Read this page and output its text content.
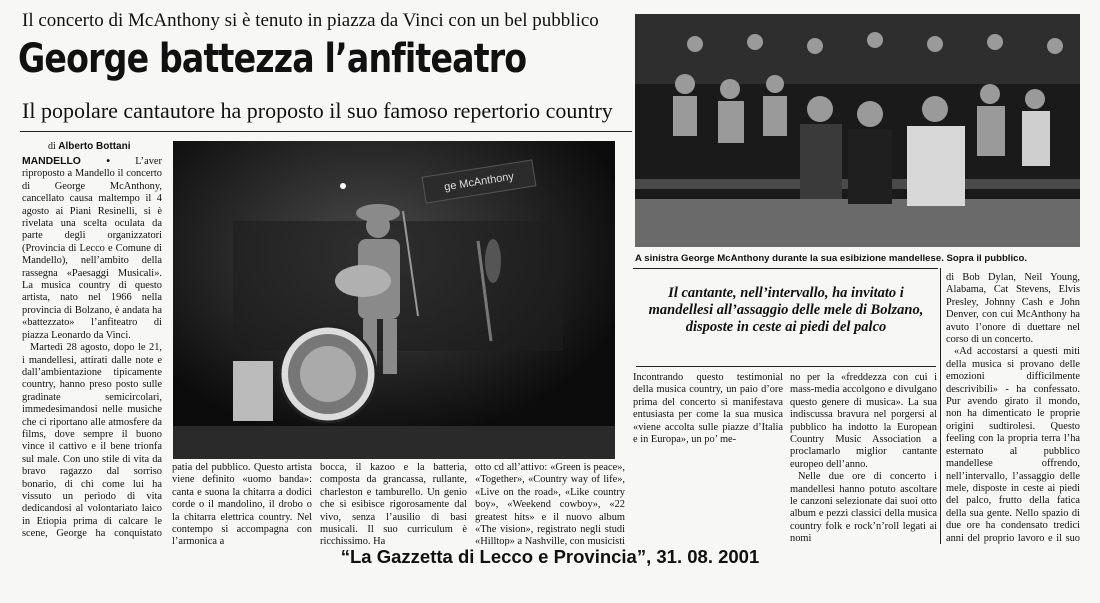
Il concerto di McAnthony si è tenuto in piazza da Vinci con un bel pubblico
George battezza l’anfiteatro
Il popolare cantautore ha proposto il suo famoso repertorio country
di Alberto Bottani

MANDELLO • L’aver riproposto a Mandello il concerto di George McAnthony, cancellato causa maltempo il 4 agosto ai Piani Resinelli, si è rivelata una scelta oculata da parte degli organizzatori (Provincia di Lecco e Comune di Mandello), nell’ambito della rassegna «Paesaggi Musicali». La musica country di questo artista, nato nel 1966 nella provincia di Bolzano, è andata ha «battezzato» l’anfiteatro di piazza Leonardo da Vinci.

Martedì 28 agosto, dopo le 21, i mandellesi, attirati dalle note e dall’ambientazione tipicamente country, hanno preso posto sulle gradinate semicircolari, immedesimandosi nelle musiche che ci riportano alle atmosfere da films, dove sempre il buono vince il cattivo e il bene trionfa sul male. Con uno stile di vita da bravo ragazzo dal sorriso bonario, di chi come lui ha vissuto un periodo di vita dedicandosi al volontariato laico in Etiopia prima di calcare le scene, George ha conquistato

ge McAnthony
patia del pubblico. Questo artista viene definito «uomo banda»: canta e suona la chitarra a dodici corde o il mandolino, il drobo o la chitarra elettrica country. Nel contempo si accompagna con l’armonica a
bocca, il kazoo e la batteria, composta da grancassa, rullante, charleston e tamburello. Un genio che si esibisce rigorosamente dal vivo, senza l’ausilio di basi musicali. Il suo curriculum è ricchissimo. Ha
A sinistra George McAnthony durante la sua esibizione mandellese. Sopra il pubblico.
Il cantante, nell’intervallo, ha invitato i mandellesi all’assaggio delle mele di Bolzano, disposte in ceste ai piedi del palco
otto cd all’attivo: «Green is peace», «Together», «Country way of life», «Live on the road», «Like country boy», «Weekend cowboy», «22 greatest hits» e il nuovo album «The vision», registrato negli studi «Hilltop» a Nashville, con musicisti

Incontrando questo testimonial della musica country, un paio d’ore prima del concerto si manifestava entusiasta per come la sua musica «viene accolta sulle piazze d’Italia e in Europa», un po’ me-

no per la «freddezza con cui i mass-media accolgono e divulgano questo genere di musica». La sua indiscussa bravura nel porgersi al pubblico ha indotto la European Country Music Association a proclamarlo miglior cantante europeo dell’anno.

Nelle due ore di concerto i mandellesi hanno potuto ascoltare le canzoni selezionate dai suoi otto album e pezzi classici della musica country folk e rock’n’roll legati ai nomi

di Bob Dylan, Neil Young, Alabama, Cat Stevens, Elvis Presley, Johnny Cash e John Denver, con cui McAnthony ha avuto l’onore di duettare nel corso di un concerto.

«Ad accostarsi a questi miti della musica si provano delle emozioni difficilmente descrivibili» - ha confessato. Pur avendo girato il mondo, non ha dimenticato le proprie origini sudtirolesi. Questo feeling con la propria terra l’ha esternato al pubblico mandellese offrendo, nell’intervallo, l’assaggio delle mele, disposte in ceste ai piedi del palco, frutto della fatica della sua gente. Nello spazio di due ore ha condensato tredici anni del proprio lavoro e il suo

“La Gazzetta di Lecco e Provincia”, 31. 08. 2001
